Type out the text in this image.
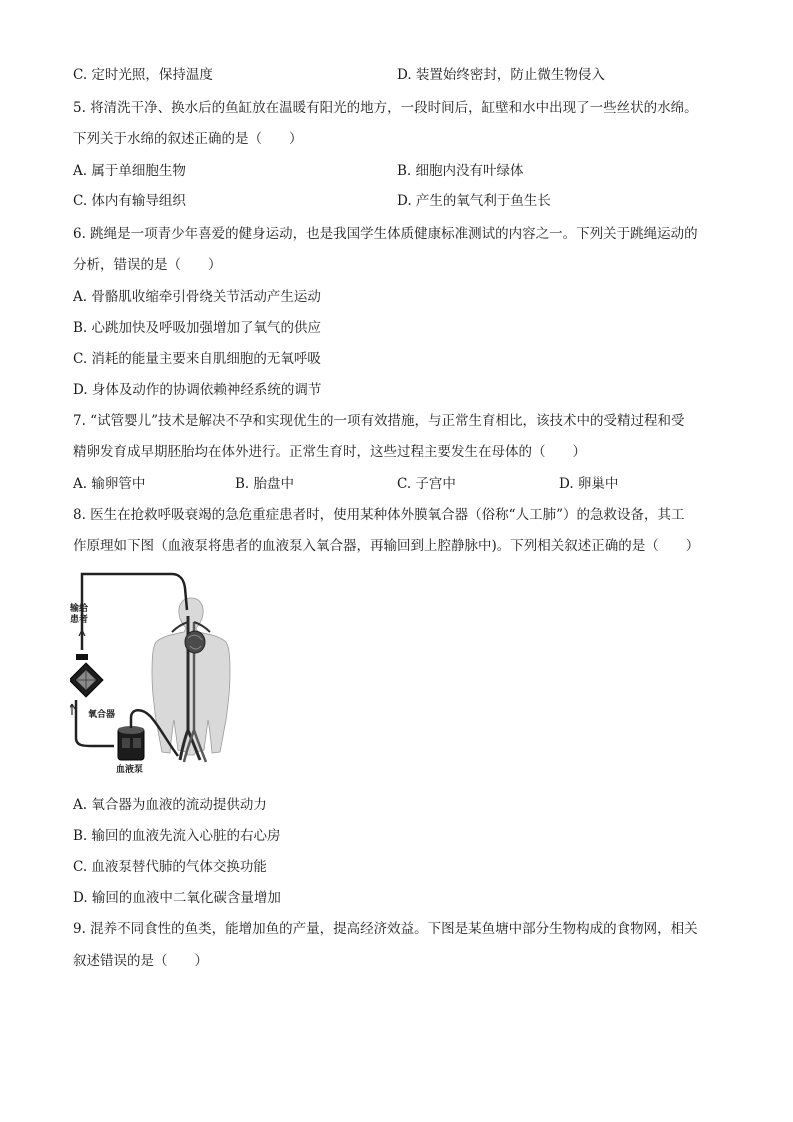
C. 定时光照，保持温度	D. 装置始终密封，防止微生物侵入
5. 将清洗干净、换水后的鱼缸放在温暖有阳光的地方，一段时间后，缸壁和水中出现了一些丝状的水绵。
下列关于水绵的叙述正确的是（　　）
A. 属于单细胞生物	B. 细胞内没有叶绿体
C. 体内有输导组织	D. 产生的氧气利于鱼生长
6. 跳绳是一项青少年喜爱的健身运动，也是我国学生体质健康标准测试的内容之一。下列关于跳绳运动的
分析，错误的是（　　）
A. 骨骼肌收缩牵引骨绕关节活动产生运动
B. 心跳加快及呼吸加强增加了氧气的供应
C. 消耗的能量主要来自肌细胞的无氧呼吸
D. 身体及动作的协调依赖神经系统的调节
7. “试管婴儿”技术是解决不孕和实现优生的一项有效措施，与正常生育相比，该技术中的受精过程和受
精卵发育成早期胚胎均在体外进行。正常生育时，这些过程主要发生在母体的（　　）
A. 输卵管中	B. 胎盘中	C. 子宫中	D. 卵巢中
8. 医生在抢救呼吸衰竭的急危重症患者时，使用某种体外膜氧合器（俗称“人工肺”）的急救设备，其工
作原理如下图（血液泵将患者的血液泵入氧合器，再输回到上腔静脉中)。下列相关叙述正确的是（　　）
输给患者
氧合器
血液泵
A. 氧合器为血液的流动提供动力
B. 输回的血液先流入心脏的右心房
C. 血液泵替代肺的气体交换功能
D. 输回的血液中二氧化碳含量增加
9. 混养不同食性的鱼类，能增加鱼的产量，提高经济效益。下图是某鱼塘中部分生物构成的食物网，相关
叙述错误的是（　　）
